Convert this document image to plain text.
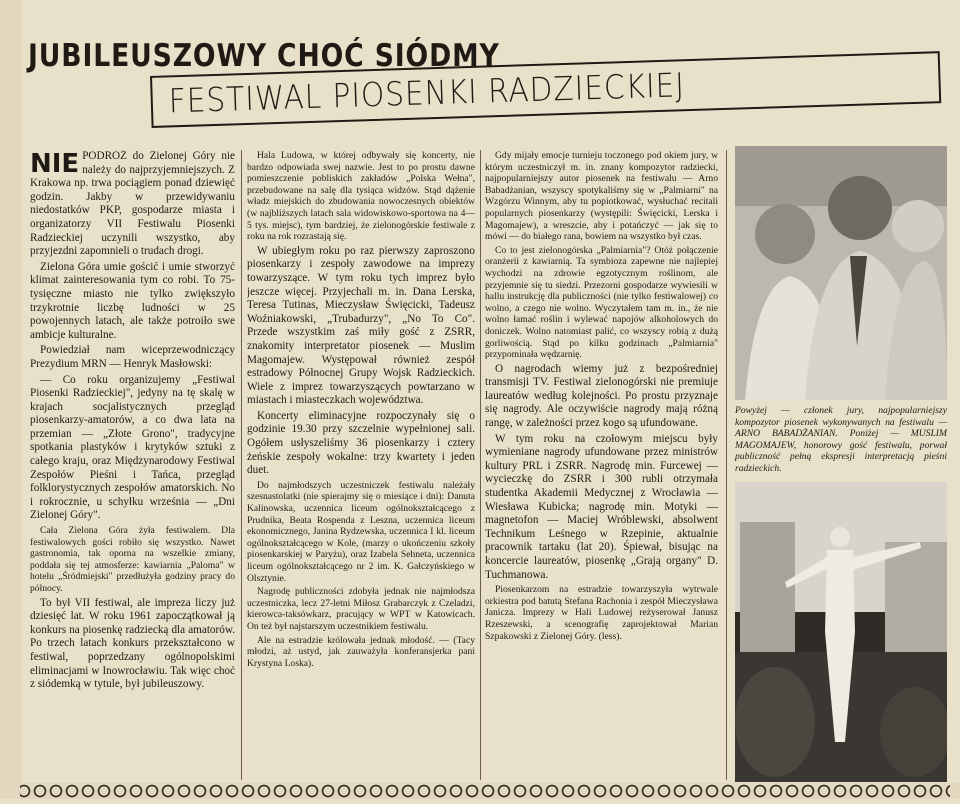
JUBILEUSZOWY CHOĆ SIÓDMY
FESTIWAL PIOSENKI RADZIECKIEJ

NIE PODRÓŻ do Zielonej Góry nie należy do najprzyjemniejszych. Z Krakowa np. trwa pociągiem ponad dziewięć godzin. Jakby w przewidywaniu niedostatków PKP, gospodarze miasta i organizatorzy VII Festiwalu Piosenki Radzieckiej uczynili wszystko, aby przyjezdni zapomnieli o trudach drogi.

Zielona Góra umie gościć i umie stworzyć klimat zainteresowania tym co robi. To 75-tysięczne miasto nie tylko zwiększyło trzykrotnie liczbę ludności w 25 powojennych latach, ale także potroiło swe ambicje kulturalne.

Powiedział nam wiceprzewodniczący Prezydium MRN — Henryk Masłowski:

— Co roku organizujemy „Festiwal Piosenki Radzieckiej", jedyny na tę skalę w krajach socjalistycznych przegląd piosenkarzy-amatorów, a co dwa lata na przemian — „Złote Grono", tradycyjne spotkania plastyków i krytyków sztuki z całego kraju, oraz Międzynarodowy Festiwal Zespołów Pieśni i Tańca, przegląd folklorystycznych zespołów amatorskich. No i rokrocznie, u schyłku września — „Dni Zielonej Góry".

Cała Zielona Góra żyła festiwalem. Dla festiwalowych gości robiło się wszystko. Nawet gastronomia, tak oporna na wszelkie zmiany, poddała się tej atmosferze: kawiarnia „Paloma" w hotelu „Śródmiejski" przedłużyła godziny pracy do północy.

To był VII festiwal, ale impreza liczy już dziesięć lat. W roku 1961 zapoczątkował ją konkurs na piosenkę radziecką dla amatorów. Po trzech latach konkurs przekształcono w festiwal, poprzedzany ogólnopolskimi eliminacjami w Inowrocławiu. Tak więc choć z siódemką w tytule, był jubileuszowy.

Hala Ludowa, w której odbywały się koncerty, nie bardzo odpowiada swej nazwie. Jest to po prostu dawne pomieszczenie pobliskich zakładów „Polska Wełna", przebudowane na salę dla tysiąca widzów. Stąd dążenie władz miejskich do zbudowania nowoczesnych obiektów (w najbliższych latach sala widowiskowo-sportowa na 4—5 tys. miejsc), tym bardziej, że zielonogórskie festiwale z roku na rok rozrastają się.

W ubiegłym roku po raz pierwszy zaproszono piosenkarzy i zespoły zawodowe na imprezy towarzyszące. W tym roku tych imprez było jeszcze więcej. Przyjechali m. in. Dana Lerska, Teresa Tutinas, Mieczysław Święcicki, Tadeusz Woźniakowski, „Trubadurzy", „No To Co". Przede wszystkim zaś miły gość z ZSRR, znakomity interpretator piosenek — Muslim Magomajew. Występował również zespół estradowy Północnej Grupy Wojsk Radzieckich. Wiele z imprez towarzyszących powtarzano w miastach i miasteczkach województwa.

Koncerty eliminacyjne rozpoczynały się o godzinie 19.30 przy szczelnie wypełnionej sali. Ogółem usłyszeliśmy 36 piosenkarzy i cztery żeńskie zespoły wokalne: trzy kwartety i jeden duet.

Do najmłodszych uczestniczek festiwalu należały szesnastolatki (nie spierajmy się o miesiące i dni): Danuta Kalinowska, uczennica liceum ogólnokształcącego z Prudnika, Beata Rospenda z Leszna, uczennica liceum ekonomicznego, Janina Rydzewska, uczennica I kl. liceum ogólnokształcącego w Kole, (marzy o ukończeniu szkoły piosenkarskiej w Paryżu), oraz Izabela Sehneta, uczennica liceum ogólnokształcącego nr 2 im. K. Gałczyńskiego w Olsztynie.

Nagrodę publiczności zdobyła jednak nie najmłodsza uczestniczka, lecz 27-letni Miłosz Grabarczyk z Czeladzi, kierowca-taksówkarz, pracujący w WPT w Katowicach. On też był najstarszym uczestnikiem festiwalu.

Ale na estradzie królowała jednak młodość. — (Tacy młodzi, aż ustyd, jak zauważyła konferansjerka pani Krystyna Loska).

Gdy mijały emocje turnieju toczonego pod okiem jury, w którym uczestniczył m. in. znany kompozytor radziecki, najpopularniejszy autor piosenek na festiwalu — Arno Babadżanian, wszyscy spotykaliśmy się w „Palmiarni" na Wzgórzu Winnym, aby tu popiotkować, wysłuchać recitali popularnych piosenkarzy (występili: Święcicki, Lerska i Magomajew), a wreszcie, aby i potańczyć — jak się to mówi — do białego rana, bowiem na wszystko był czas.

Co to jest zielonogórska „Palmiarnia"? Otóż połączenie oranżerii z kawiarnią. Ta symbioza zapewne nie najlepiej wychodzi na zdrowie egzotycznym roślinom, ale przyjemnie się tu siedzi. Przezorni gospodarze wywiesili w hallu instrukcję dla publiczności (nie tylko festiwalowej) co wolno, a czego nie wolno. Wyczytałem tam m. in., że nie wolno łamać roślin i wylewać napojów alkoholowych do doniczek. Wolno natomiast palić, co wszyscy robią z dużą gorliwością. Stąd po kilku godzinach „Palmiarnia" przypominała wędzarnię.

O nagrodach wiemy już z bezpośredniej transmisji TV. Festiwal zielonogórski nie premiuje laureatów według kolejności. Po prostu przyznaje się nagrody. Ale oczywiście nagrody mają różną rangę, w zależności przez kogo są ufundowane.

W tym roku na czołowym miejscu były wymieniane nagrody ufundowane przez ministrów kultury PRL i ZSRR. Nagrodę min. Furcewej — wycieczkę do ZSRR i 300 rubli otrzymała studentka Akademii Medycznej z Wrocławia — Wiesława Kubicka; nagrodę min. Motyki — magnetofon — Maciej Wróblewski, absolwent Technikum Leśnego w Rzepinie, aktualnie pracownik tartaku (lat 20). Śpiewał, bisując na koncercie laureatów, piosenkę „Grają organy" D. Tuchmanowa.

Piosenkarzom na estradzie towarzyszyła wytrwale orkiestra pod batutą Stefana Rachonia i zespół Mieczysława Janicza. Imprezy w Hali Ludowej reżyserował Janusz Rzeszewski, a scenografię zaprojektował Marian Szpakowski z Zielonej Góry. (less).

Powyżej — członek jury, najpopularniejszy kompozytor piosenek wykonywanych na festiwalu — ARNO BABADŻANIAN. Poniżej — MUSLIM MAGOMAJEW, honorowy gość festiwalu, porwał publiczność pełną ekspresji interpretacją pieśni radzieckich.
